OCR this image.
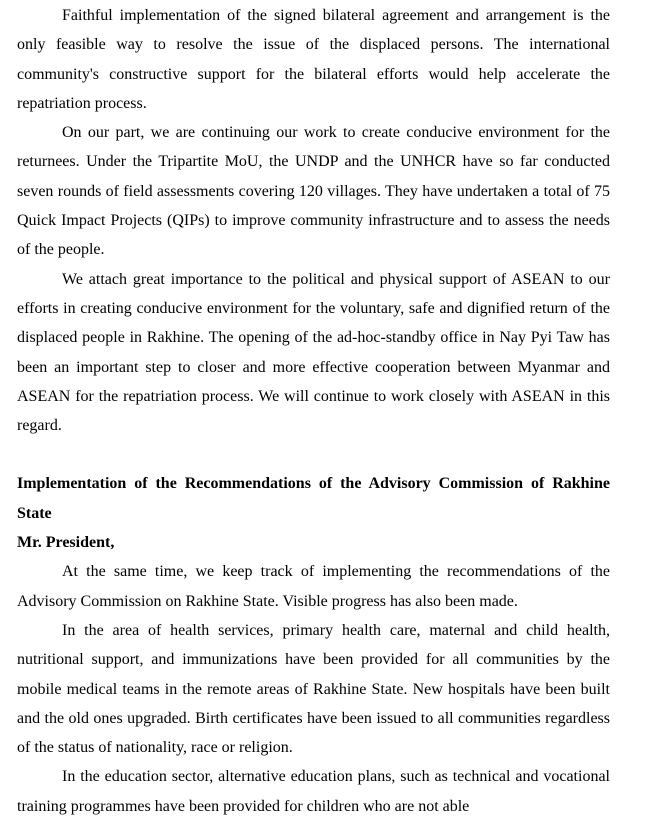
Faithful implementation of the signed bilateral agreement and arrangement is the only feasible way to resolve the issue of the displaced persons. The international community's constructive support for the bilateral efforts would help accelerate the repatriation process.

On our part, we are continuing our work to create conducive environment for the returnees. Under the Tripartite MoU, the UNDP and the UNHCR have so far conducted seven rounds of field assessments covering 120 villages. They have undertaken a total of 75 Quick Impact Projects (QIPs) to improve community infrastructure and to assess the needs of the people.

We attach great importance to the political and physical support of ASEAN to our efforts in creating conducive environment for the voluntary, safe and dignified return of the displaced people in Rakhine. The opening of the ad-hoc-standby office in Nay Pyi Taw has been an important step to closer and more effective cooperation between Myanmar and ASEAN for the repatriation process. We will continue to work closely with ASEAN in this regard.

Implementation of the Recommendations of the Advisory Commission of Rakhine State
Mr. President,

At the same time, we keep track of implementing the recommendations of the Advisory Commission on Rakhine State. Visible progress has also been made.

In the area of health services, primary health care, maternal and child health, nutritional support, and immunizations have been provided for all communities by the mobile medical teams in the remote areas of Rakhine State. New hospitals have been built and the old ones upgraded. Birth certificates have been issued to all communities regardless of the status of nationality, race or religion.

In the education sector, alternative education plans, such as technical and vocational training programmes have been provided for children who are not able
